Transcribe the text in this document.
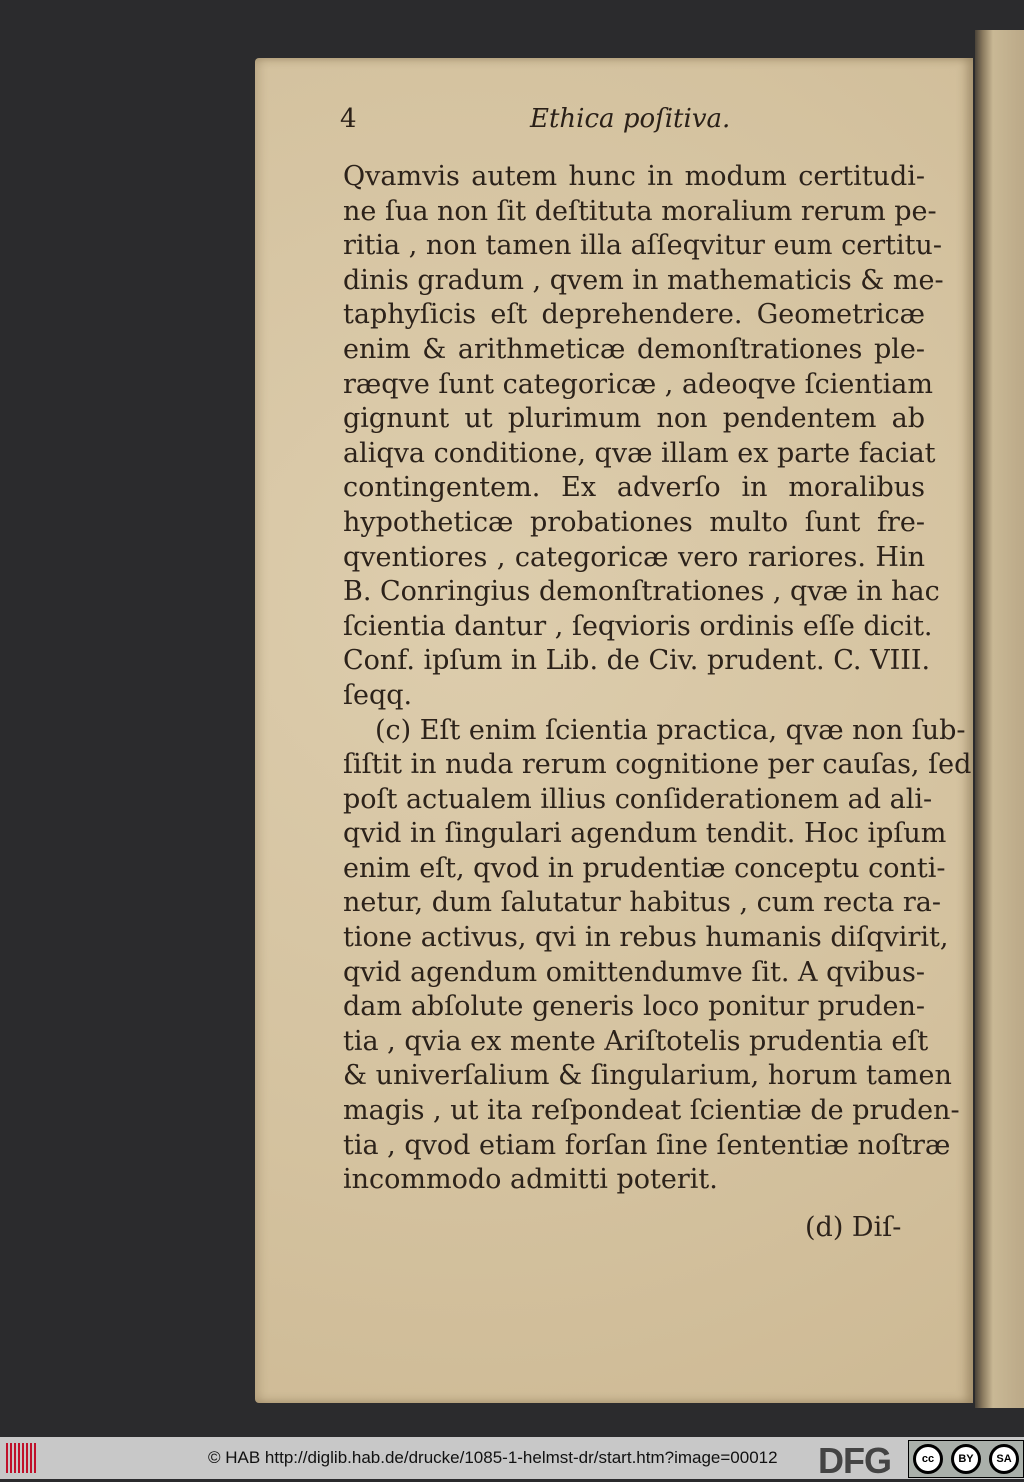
4	Ethica poſitiva.
Qvamvis autem hunc in modum certitudi-
ne ſua non ſit deſtituta moralium rerum pe-
ritia , non tamen illa aſſeqvitur eum certitu-
dinis gradum , qvem in mathematicis & me-
taphyſicis eſt deprehendere. Geometricæ
enim & arithmeticæ demonſtrationes ple-
ræqve ſunt categoricæ , adeoqve ſcientiam
gignunt ut plurimum non pendentem ab
aliqva conditione, qvæ illam ex parte faciat
contingentem. Ex adverſo in moralibus
hypotheticæ probationes multo ſunt fre-
qventiores , categoricæ vero rariores. Hin
B. Conringius demonſtrationes , qvæ in hac
ſcientia dantur , ſeqvioris ordinis eſſe dicit.
Conf. ipſum in Lib. de Civ. prudent. C. VIII.
ſeqq.
(c) Eſt enim ſcientia practica, qvæ non ſub-
ſiſtit in nuda rerum cognitione per cauſas, ſed
poſt actualem illius conſiderationem ad ali-
qvid in ſingulari agendum tendit. Hoc ipſum
enim eſt, qvod in prudentiæ conceptu conti-
netur, dum ſalutatur habitus , cum recta ra-
tione activus, qvi in rebus humanis diſqvirit,
qvid agendum omittendumve ſit. A qvibus-
dam abſolute generis loco ponitur pruden-
tia , qvia ex mente Ariſtotelis prudentia eſt
& univerſalium & ſingularium, horum tamen
magis , ut ita reſpondeat ſcientiæ de pruden-
tia , qvod etiam forſan ſine ſententiæ noſtræ
incommodo admitti poterit.
(d) Diſ-
© HAB http://diglib.hab.de/drucke/1085-1-helmst-dr/start.htm?image=00012 DFG	cc	BY	SA
